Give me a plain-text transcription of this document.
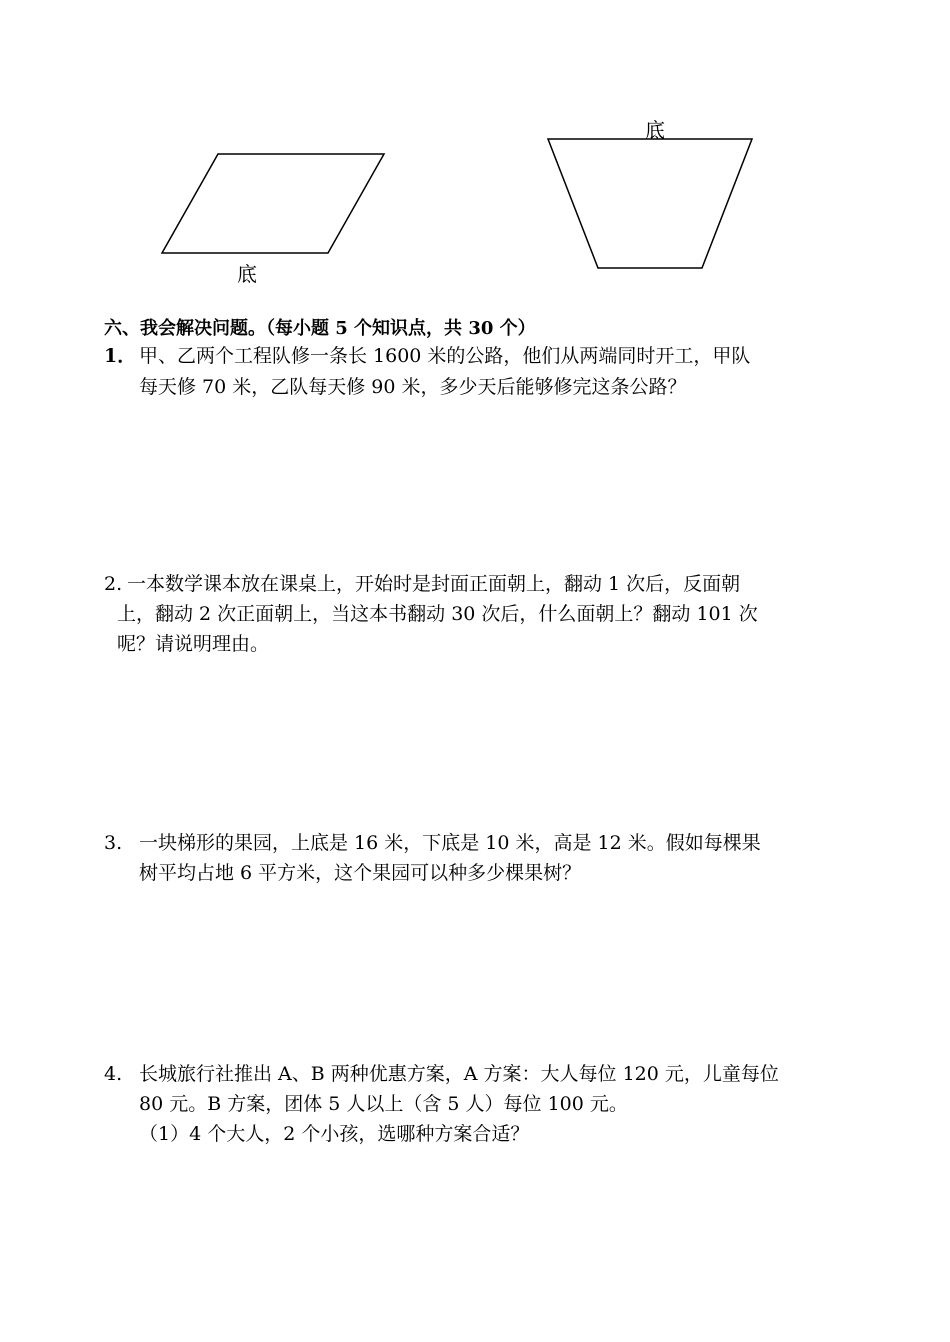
底
底
六、我会解决问题。（每小题 5 个知识点，共 30 个）
1． 甲、乙两个工程队修一条长 1600 米的公路，他们从两端同时开工，甲队
每天修 70 米，乙队每天修 90 米，多少天后能够修完这条公路？
2. 一本数学课本放在课桌上，开始时是封面正面朝上，翻动 1 次后，反面朝
上，翻动 2 次正面朝上，当这本书翻动 30 次后，什么面朝上？翻动 101 次
呢？请说明理由。
3. 一块梯形的果园，上底是 16 米，下底是 10 米，高是 12 米。假如每棵果
树平均占地 6 平方米，这个果园可以种多少棵果树？
4. 长城旅行社推出 A、B 两种优惠方案，A 方案：大人每位 120 元，儿童每位
80 元。B 方案，团体 5 人以上（含 5 人）每位 100 元。
（1）4 个大人，2 个小孩，选哪种方案合适？
